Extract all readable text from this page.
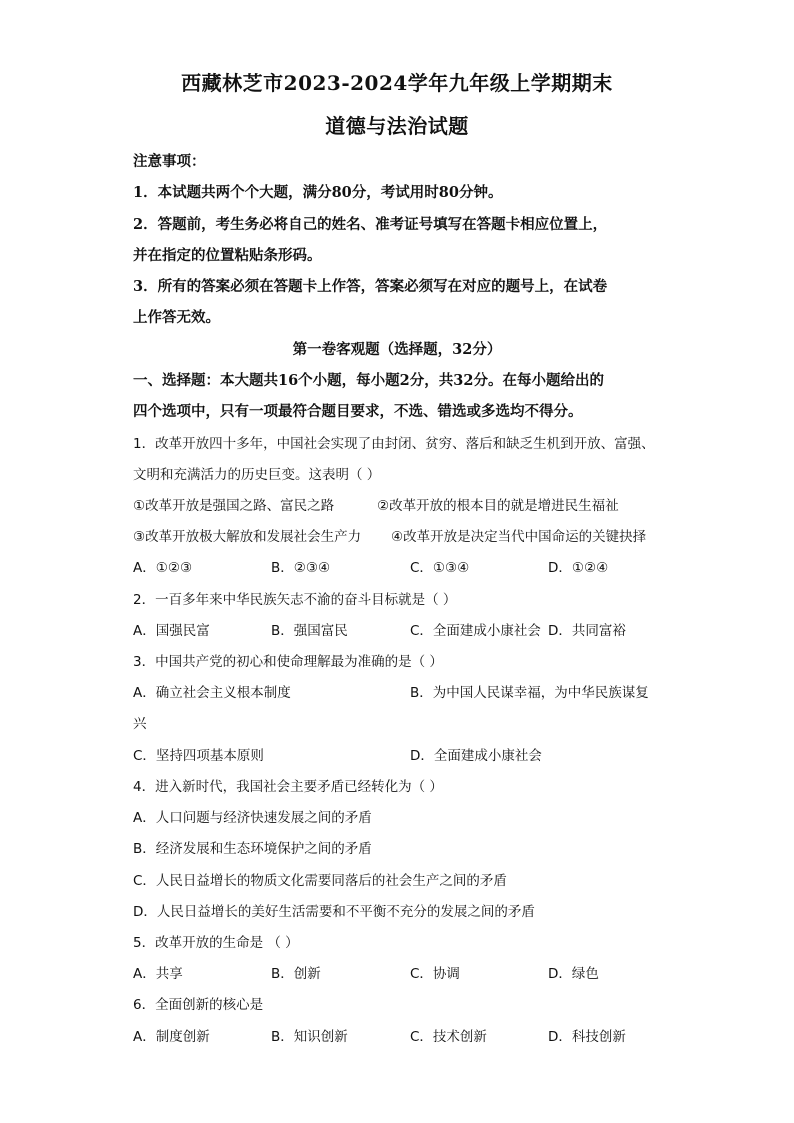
西藏林芝市2023-2024学年九年级上学期期末
道德与法治试题
注意事项：
1．本试题共两个个大题，满分80分，考试用时80分钟。
2．答题前，考生务必将自己的姓名、准考证号填写在答题卡相应位置上，
并在指定的位置粘贴条形码。
3．所有的答案必须在答题卡上作答，答案必须写在对应的题号上，在试卷
上作答无效。
第一卷客观题（选择题，32分）
一、选择题：本大题共16个小题，每小题2分，共32分。在每小题给出的
四个选项中，只有一项最符合题目要求，不选、错选或多选均不得分。
1．改革开放四十多年，中国社会实现了由封闭、贫穷、落后和缺乏生机到开放、富强、
文明和充满活力的历史巨变。这表明（ ）
①改革开放是强国之路、富民之路	②改革开放的根本目的就是增进民生福祉
③改革开放极大解放和发展社会生产力 ④改革开放是决定当代中国命运的关键抉择
A．①②③	B．②③④	C．①③④	D．①②④
2．一百多年来中华民族矢志不渝的奋斗目标就是（ ）
A．国强民富	B．强国富民	C．全面建成小康社会 D．共同富裕
3．中国共产党的初心和使命理解最为准确的是（ ）
A．确立社会主义根本制度	B．为中国人民谋幸福，为中华民族谋复
兴
C．坚持四项基本原则	D．全面建成小康社会
4．进入新时代，我国社会主要矛盾已经转化为（ ）
A．人口问题与经济快速发展之间的矛盾
B．经济发展和生态环境保护之间的矛盾
C．人民日益增长的物质文化需要同落后的社会生产之间的矛盾
D．人民日益增长的美好生活需要和不平衡不充分的发展之间的矛盾
5．改革开放的生命是 （ ）
A．共享	B．创新	C．协调	D．绿色
6．全面创新的核心是
A．制度创新	B．知识创新	C．技术创新	D．科技创新
